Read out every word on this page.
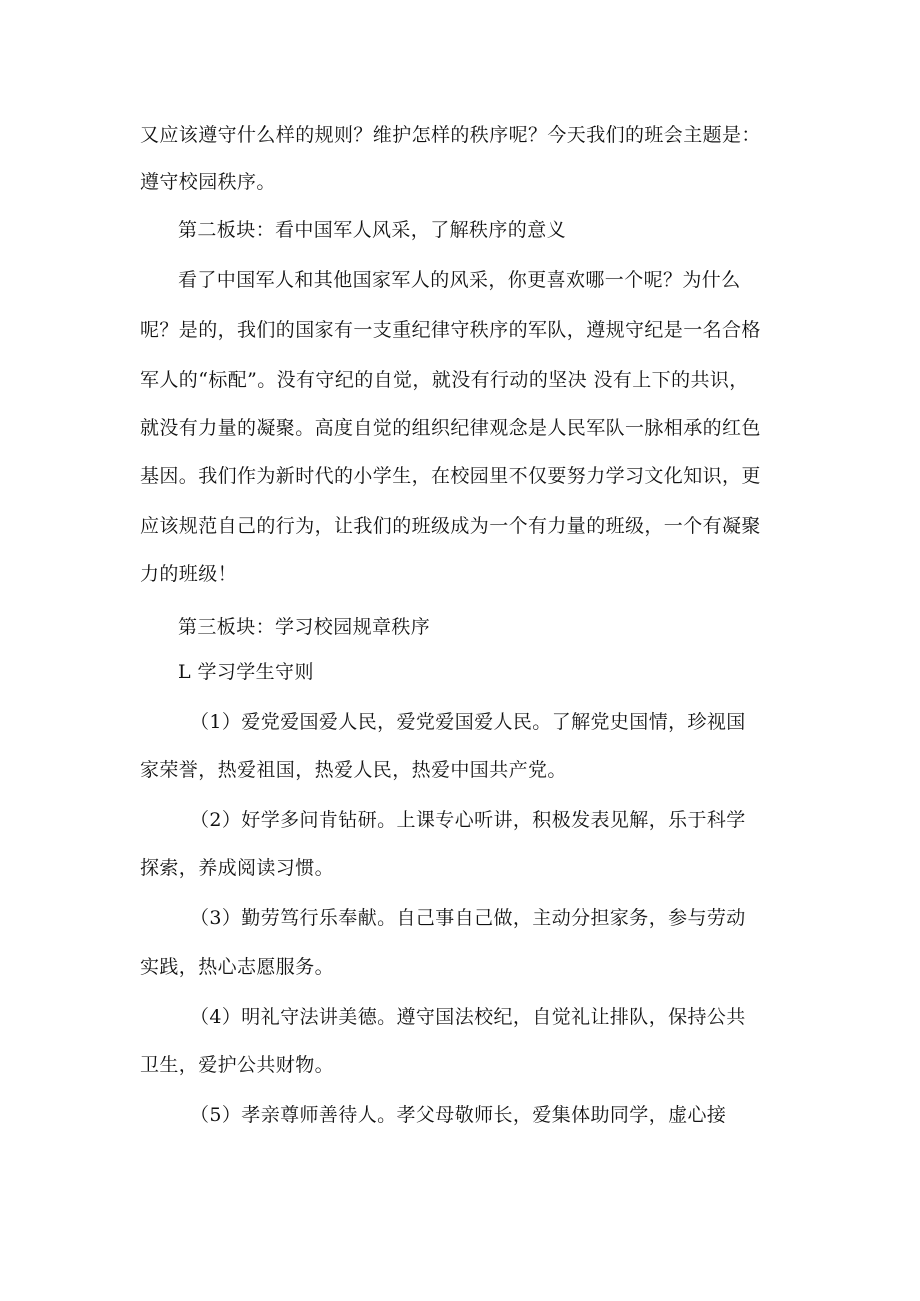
又应该遵守什么样的规则？维护怎样的秩序呢？今天我们的班会主题是：
遵守校园秩序。
第二板块：看中国军人风采，了解秩序的意义
看了中国军人和其他国家军人的风采，你更喜欢哪一个呢？为什么
呢？是的，我们的国家有一支重纪律守秩序的军队，遵规守纪是一名合格
军人的“标配”。没有守纪的自觉，就没有行动的坚决 没有上下的共识，
就没有力量的凝聚。高度自觉的组织纪律观念是人民军队一脉相承的红色
基因。我们作为新时代的小学生，在校园里不仅要努力学习文化知识，更
应该规范自己的行为，让我们的班级成为一个有力量的班级，一个有凝聚
力的班级！
第三板块：学习校园规章秩序
L 学习学生守则
（1）爱党爱国爱人民，爱党爱国爱人民。了解党史国情，珍视国
家荣誉，热爱祖国，热爱人民，热爱中国共产党。
（2）好学多问肯钻研。上课专心听讲，积极发表见解，乐于科学
探索，养成阅读习惯。
（3）勤劳笃行乐奉献。自己事自己做，主动分担家务，参与劳动
实践，热心志愿服务。
（4）明礼守法讲美德。遵守国法校纪，自觉礼让排队，保持公共
卫生，爱护公共财物。
（5）孝亲尊师善待人。孝父母敬师长，爱集体助同学，虚心接
